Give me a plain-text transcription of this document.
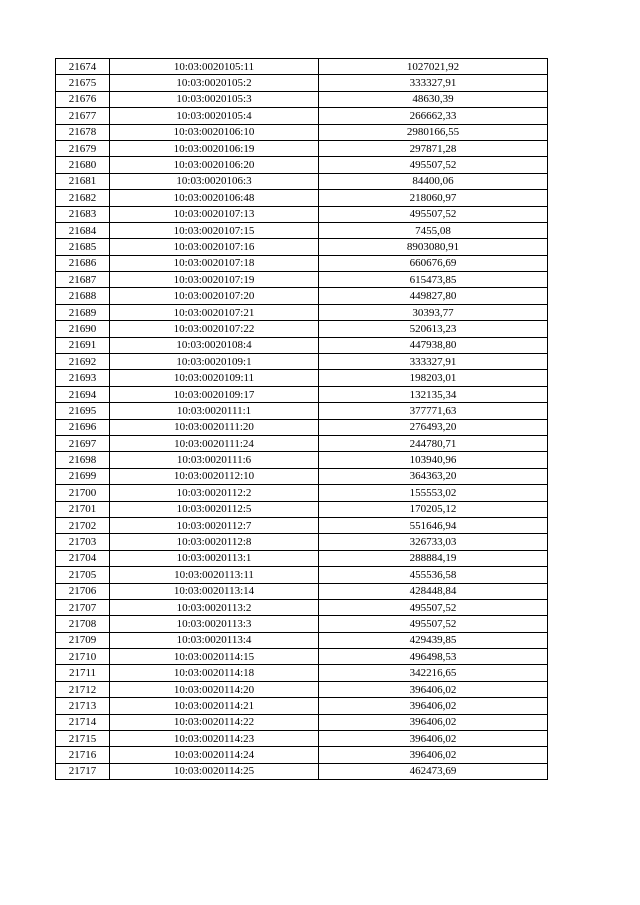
21674	10:03:0020105:11	1027021,92
21675	10:03:0020105:2	333327,91
21676	10:03:0020105:3	48630,39
21677	10:03:0020105:4	266662,33
21678	10:03:0020106:10	2980166,55
21679	10:03:0020106:19	297871,28
21680	10:03:0020106:20	495507,52
21681	10:03:0020106:3	84400,06
21682	10:03:0020106:48	218060,97
21683	10:03:0020107:13	495507,52
21684	10:03:0020107:15	7455,08
21685	10:03:0020107:16	8903080,91
21686	10:03:0020107:18	660676,69
21687	10:03:0020107:19	615473,85
21688	10:03:0020107:20	449827,80
21689	10:03:0020107:21	30393,77
21690	10:03:0020107:22	520613,23
21691	10:03:0020108:4	447938,80
21692	10:03:0020109:1	333327,91
21693	10:03:0020109:11	198203,01
21694	10:03:0020109:17	132135,34
21695	10:03:0020111:1	377771,63
21696	10:03:0020111:20	276493,20
21697	10:03:0020111:24	244780,71
21698	10:03:0020111:6	103940,96
21699	10:03:0020112:10	364363,20
21700	10:03:0020112:2	155553,02
21701	10:03:0020112:5	170205,12
21702	10:03:0020112:7	551646,94
21703	10:03:0020112:8	326733,03
21704	10:03:0020113:1	288884,19
21705	10:03:0020113:11	455536,58
21706	10:03:0020113:14	428448,84
21707	10:03:0020113:2	495507,52
21708	10:03:0020113:3	495507,52
21709	10:03:0020113:4	429439,85
21710	10:03:0020114:15	496498,53
21711	10:03:0020114:18	342216,65
21712	10:03:0020114:20	396406,02
21713	10:03:0020114:21	396406,02
21714	10:03:0020114:22	396406,02
21715	10:03:0020114:23	396406,02
21716	10:03:0020114:24	396406,02
21717	10:03:0020114:25	462473,69
